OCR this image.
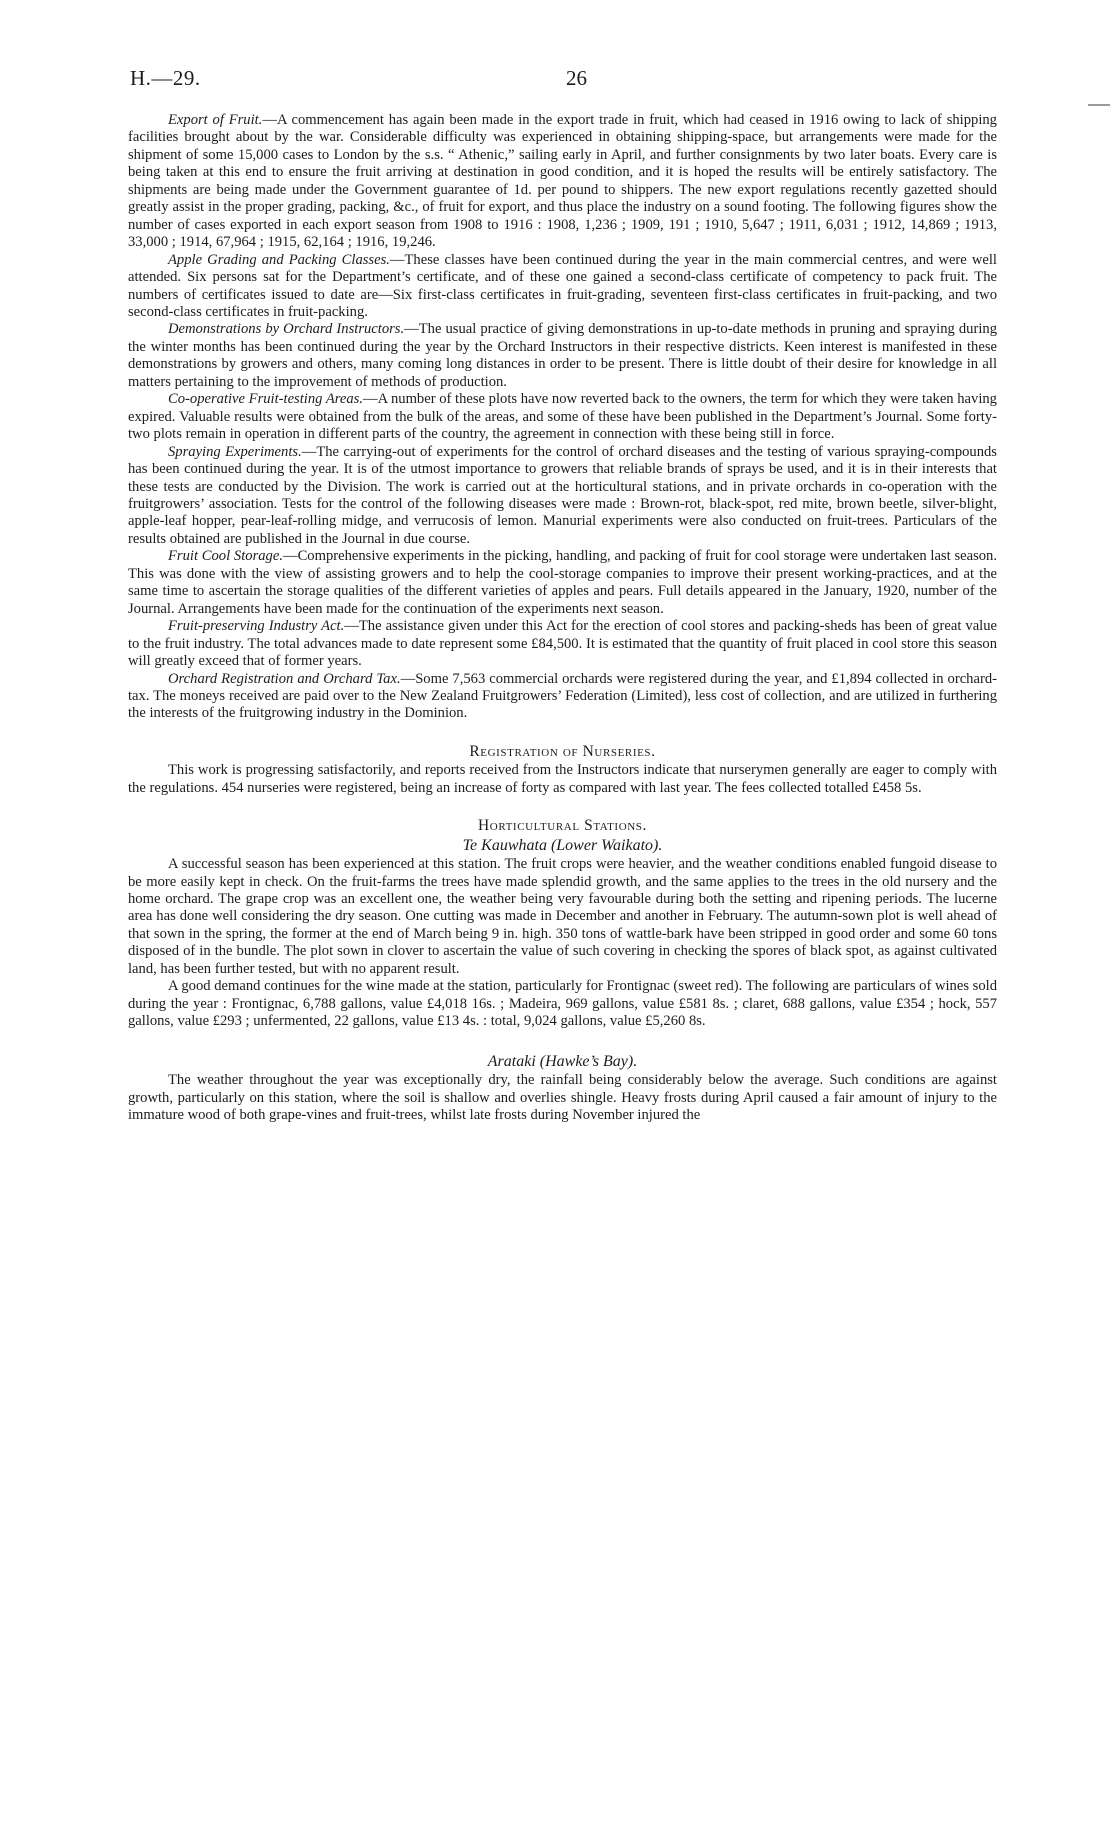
H.—29.	26

Export of Fruit.—A commencement has again been made in the export trade in fruit, which had ceased in 1916 owing to lack of shipping facilities brought about by the war. Considerable difficulty was experienced in obtaining shipping-space, but arrangements were made for the shipment of some 15,000 cases to London by the s.s. “ Athenic,” sailing early in April, and further consignments by two later boats. Every care is being taken at this end to ensure the fruit arriving at destination in good condition, and it is hoped the results will be entirely satisfactory. The shipments are being made under the Government guarantee of 1d. per pound to shippers. The new export regulations recently gazetted should greatly assist in the proper grading, packing, &c., of fruit for export, and thus place the industry on a sound footing. The following figures show the number of cases exported in each export season from 1908 to 1916 : 1908, 1,236 ; 1909, 191 ; 1910, 5,647 ; 1911, 6,031 ; 1912, 14,869 ; 1913, 33,000 ; 1914, 67,964 ; 1915, 62,164 ; 1916, 19,246.

Apple Grading and Packing Classes.—These classes have been continued during the year in the main commercial centres, and were well attended. Six persons sat for the Department’s certificate, and of these one gained a second-class certificate of competency to pack fruit. The numbers of certificates issued to date are—Six first-class certificates in fruit-grading, seventeen first-class certificates in fruit-packing, and two second-class certificates in fruit-packing.

Demonstrations by Orchard Instructors.—The usual practice of giving demonstrations in up-to-date methods in pruning and spraying during the winter months has been continued during the year by the Orchard Instructors in their respective districts. Keen interest is manifested in these demonstrations by growers and others, many coming long distances in order to be present. There is little doubt of their desire for knowledge in all matters pertaining to the improvement of methods of production.

Co-operative Fruit-testing Areas.—A number of these plots have now reverted back to the owners, the term for which they were taken having expired. Valuable results were obtained from the bulk of the areas, and some of these have been published in the Department’s Journal. Some forty-two plots remain in operation in different parts of the country, the agreement in connection with these being still in force.

Spraying Experiments.—The carrying-out of experiments for the control of orchard diseases and the testing of various spraying-compounds has been continued during the year. It is of the utmost importance to growers that reliable brands of sprays be used, and it is in their interests that these tests are conducted by the Division. The work is carried out at the horticultural stations, and in private orchards in co-operation with the fruitgrowers’ association. Tests for the control of the following diseases were made : Brown-rot, black-spot, red mite, brown beetle, silver-blight, apple-leaf hopper, pear-leaf-rolling midge, and verrucosis of lemon. Manurial experiments were also conducted on fruit-trees. Particulars of the results obtained are published in the Journal in due course.

Fruit Cool Storage.—Comprehensive experiments in the picking, handling, and packing of fruit for cool storage were undertaken last season. This was done with the view of assisting growers and to help the cool-storage companies to improve their present working-practices, and at the same time to ascertain the storage qualities of the different varieties of apples and pears. Full details appeared in the January, 1920, number of the Journal. Arrangements have been made for the continuation of the experiments next season.

Fruit-preserving Industry Act.—The assistance given under this Act for the erection of cool stores and packing-sheds has been of great value to the fruit industry. The total advances made to date represent some £84,500. It is estimated that the quantity of fruit placed in cool store this season will greatly exceed that of former years.

Orchard Registration and Orchard Tax.—Some 7,563 commercial orchards were registered during the year, and £1,894 collected in orchard-tax. The moneys received are paid over to the New Zealand Fruitgrowers’ Federation (Limited), less cost of collection, and are utilized in furthering the interests of the fruitgrowing industry in the Dominion.

Registration of Nurseries.

This work is progressing satisfactorily, and reports received from the Instructors indicate that nurserymen generally are eager to comply with the regulations. 454 nurseries were registered, being an increase of forty as compared with last year. The fees collected totalled £458 5s.

Horticultural Stations.

Te Kauwhata (Lower Waikato).

A successful season has been experienced at this station. The fruit crops were heavier, and the weather conditions enabled fungoid disease to be more easily kept in check. On the fruit-farms the trees have made splendid growth, and the same applies to the trees in the old nursery and the home orchard. The grape crop was an excellent one, the weather being very favourable during both the setting and ripening periods. The lucerne area has done well considering the dry season. One cutting was made in December and another in February. The autumn-sown plot is well ahead of that sown in the spring, the former at the end of March being 9 in. high. 350 tons of wattle-bark have been stripped in good order and some 60 tons disposed of in the bundle. The plot sown in clover to ascertain the value of such covering in checking the spores of black spot, as against cultivated land, has been further tested, but with no apparent result.

A good demand continues for the wine made at the station, particularly for Frontignac (sweet red). The following are particulars of wines sold during the year : Frontignac, 6,788 gallons, value £4,018 16s. ; Madeira, 969 gallons, value £581 8s. ; claret, 688 gallons, value £354 ; hock, 557 gallons, value £293 ; unfermented, 22 gallons, value £13 4s. : total, 9,024 gallons, value £5,260 8s.

Arataki (Hawke’s Bay).

The weather throughout the year was exceptionally dry, the rainfall being considerably below the average. Such conditions are against growth, particularly on this station, where the soil is shallow and overlies shingle. Heavy frosts during April caused a fair amount of injury to the immature wood of both grape-vines and fruit-trees, whilst late frosts during November injured the
